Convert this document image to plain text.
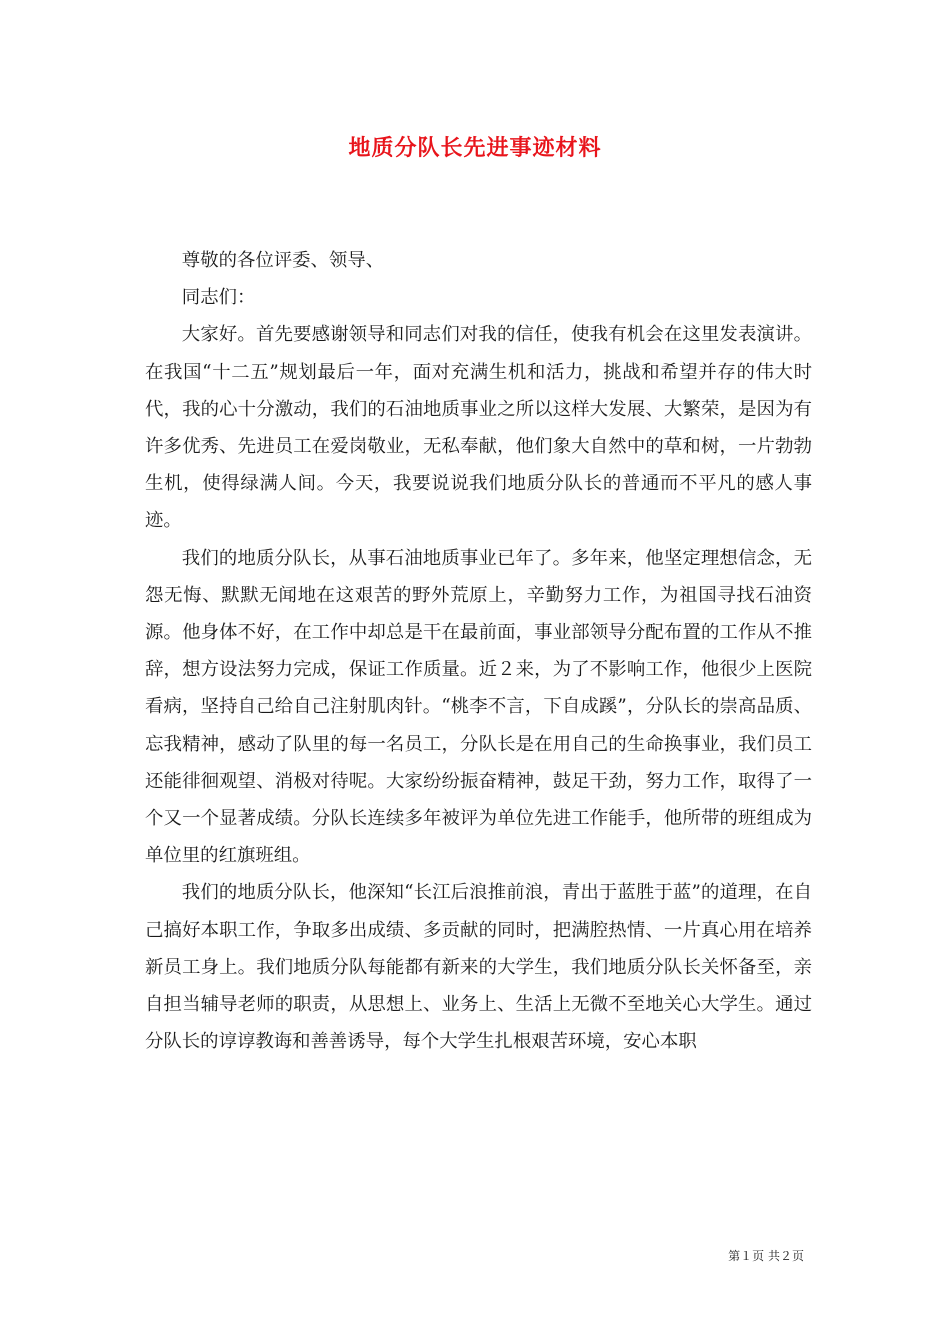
地质分队长先进事迹材料

尊敬的各位评委、领导、

同志们：

大家好。首先要感谢领导和同志们对我的信任，使我有机会在这里发表演讲。在我国“十二五”规划最后一年，面对充满生机和活力，挑战和希望并存的伟大时代，我的心十分激动，我们的石油地质事业之所以这样大发展、大繁荣，是因为有许多优秀、先进员工在爱岗敬业，无私奉献，他们象大自然中的草和树，一片勃勃生机，使得绿满人间。今天，我要说说我们地质分队长的普通而不平凡的感人事迹。

我们的地质分队长，从事石油地质事业已年了。多年来，他坚定理想信念，无怨无悔、默默无闻地在这艰苦的野外荒原上，辛勤努力工作，为祖国寻找石油资源。他身体不好，在工作中却总是干在最前面，事业部领导分配布置的工作从不推辞，想方设法努力完成，保证工作质量。近２来，为了不影响工作，他很少上医院看病，坚持自己给自己注射肌肉针。“桃李不言，下自成蹊”，分队长的崇高品质、忘我精神，感动了队里的每一名员工，分队长是在用自己的生命换事业，我们员工还能徘徊观望、消极对待呢。大家纷纷振奋精神，鼓足干劲，努力工作，取得了一个又一个显著成绩。分队长连续多年被评为单位先进工作能手，他所带的班组成为单位里的红旗班组。

我们的地质分队长，他深知“长江后浪推前浪，青出于蓝胜于蓝”的道理，在自己搞好本职工作，争取多出成绩、多贡献的同时，把满腔热情、一片真心用在培养新员工身上。我们地质分队每能都有新来的大学生，我们地质分队长关怀备至，亲自担当辅导老师的职责，从思想上、业务上、生活上无微不至地关心大学生。通过分队长的谆谆教诲和善善诱导，每个大学生扎根艰苦环境，安心本职

第１页 共２页
